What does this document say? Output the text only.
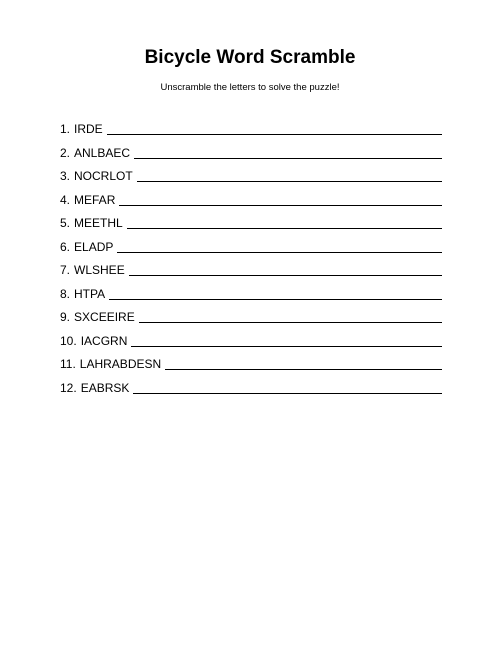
Bicycle Word Scramble
Unscramble the letters to solve the puzzle!
1. IRDE
2. ANLBAEC
3. NOCRLOT
4. MEFAR
5. MEETHL
6. ELADP
7. WLSHEE
8. HTPA
9. SXCEEIRE
10. IACGRN
11. LAHRABDESN
12. EABRSK
